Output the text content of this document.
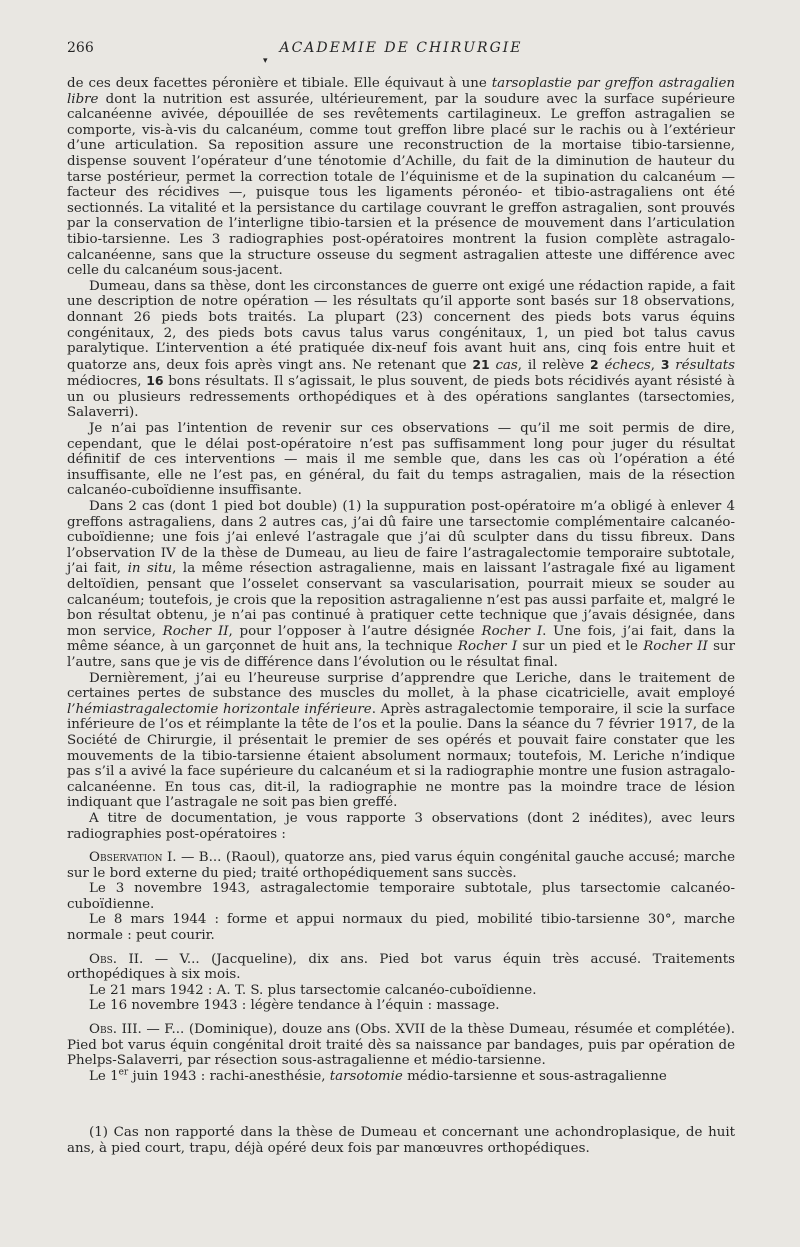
266	ACADEMIE DE CHIRURGIE
▾

de ces deux facettes péronière et tibiale. Elle équivaut à une tarsoplastie par greffon astragalien libre dont la nutrition est assurée, ultérieurement, par la soudure avec la surface supérieure calcanéenne avivée, dépouillée de ses revêtements cartilagineux. Le greffon astragalien se comporte, vis-à-vis du calcanéum, comme tout greffon libre placé sur le rachis ou à l’extérieur d’une articulation. Sa reposition assure une reconstruction de la mortaise tibio-tarsienne, dispense souvent l’opérateur d’une ténotomie d’Achille, du fait de la diminution de hauteur du tarse postérieur, permet la correction totale de l’équinisme et de la supination du calcanéum — facteur des récidives —, puisque tous les ligaments péronéo- et tibio-astragaliens ont été sectionnés. La vitalité et la persistance du cartilage couvrant le greffon astragalien, sont prouvés par la conservation de l’interligne tibio-tarsien et la présence de mouvement dans l’articulation tibio-tarsienne. Les 3 radiographies post-opératoires montrent la fusion complète astragalo-calcanéenne, sans que la structure osseuse du segment astragalien atteste une différence avec celle du calcanéum sous-jacent.

Dumeau, dans sa thèse, dont les circonstances de guerre ont exigé une rédaction rapide, a fait une description de notre opération — les résultats qu’il apporte sont basés sur 18 observations, donnant 26 pieds bots traités. La plupart (23) concernent des pieds bots varus équins congénitaux, 2, des pieds bots cavus talus varus congénitaux, 1, un pied bot talus cavus paralytique. L’intervention a été pratiquée dix-neuf fois avant huit ans, cinq fois entre huit et quatorze ans, deux fois après vingt ans. Ne retenant que 21 cas, il relève 2 échecs, 3 résultats médiocres, 16 bons résultats. Il s’agissait, le plus souvent, de pieds bots récidivés ayant résisté à un ou plusieurs redressements orthopédiques et à des opérations sanglantes (tarsectomies, Salaverri).

Je n’ai pas l’intention de revenir sur ces observations — qu’il me soit permis de dire, cependant, que le délai post-opératoire n’est pas suffisamment long pour juger du résultat définitif de ces interventions — mais il me semble que, dans les cas où l’opération a été insuffisante, elle ne l’est pas, en général, du fait du temps astragalien, mais de la résection calcanéo-cuboïdienne insuffisante.

Dans 2 cas (dont 1 pied bot double) (1) la suppuration post-opératoire m’a obligé à enlever 4 greffons astragaliens, dans 2 autres cas, j’ai dû faire une tarsectomie complémentaire calcanéo-cuboïdienne; une fois j’ai enlevé l’astragale que j’ai dû sculpter dans du tissu fibreux. Dans l’observation IV de la thèse de Dumeau, au lieu de faire l’astragalectomie temporaire subtotale, j’ai fait, in situ, la même résection astragalienne, mais en laissant l’astragale fixé au ligament deltoïdien, pensant que l’osselet conservant sa vascularisation, pourrait mieux se souder au calcanéum; toutefois, je crois que la reposition astragalienne n’est pas aussi parfaite et, malgré le bon résultat obtenu, je n’ai pas continué à pratiquer cette technique que j’avais désignée, dans mon service, Rocher II, pour l’opposer à l’autre désignée Rocher I. Une fois, j’ai fait, dans la même séance, à un garçonnet de huit ans, la technique Rocher I sur un pied et le Rocher II sur l’autre, sans que je vis de différence dans l’évolution ou le résultat final.

Dernièrement, j’ai eu l’heureuse surprise d’apprendre que Leriche, dans le traitement de certaines pertes de substance des muscles du mollet, à la phase cicatricielle, avait employé l’hémiastragalectomie horizontale inférieure. Après astragalectomie temporaire, il scie la surface inférieure de l’os et réimplante la tête de l’os et la poulie. Dans la séance du 7 février 1917, de la Société de Chirurgie, il présentait le premier de ses opérés et pouvait faire constater que les mouvements de la tibio-tarsienne étaient absolument normaux; toutefois, M. Leriche n’indique pas s’il a avivé la face supérieure du calcanéum et si la radiographie montre une fusion astragalo-calcanéenne. En tous cas, dit-il, la radiographie ne montre pas la moindre trace de lésion indiquant que l’astragale ne soit pas bien greffé.

A titre de documentation, je vous rapporte 3 observations (dont 2 inédites), avec leurs radiographies post-opératoires :

Observation I. — B... (Raoul), quatorze ans, pied varus équin congénital gauche accusé; marche sur le bord externe du pied; traité orthopédiquement sans succès.

Le 3 novembre 1943, astragalectomie temporaire subtotale, plus tarsectomie calcanéo-cuboïdienne.

Le 8 mars 1944 : forme et appui normaux du pied, mobilité tibio-tarsienne 30°, marche normale : peut courir.

Obs. II. — V... (Jacqueline), dix ans. Pied bot varus équin très accusé. Traitements orthopédiques à six mois.

Le 21 mars 1942 : A. T. S. plus tarsectomie calcanéo-cuboïdienne.

Le 16 novembre 1943 : légère tendance à l’équin : massage.

Obs. III. — F... (Dominique), douze ans (Obs. XVII de la thèse Dumeau, résumée et complétée). Pied bot varus équin congénital droit traité dès sa naissance par bandages, puis par opération de Phelps-Salaverri, par résection sous-astragalienne et médio-tarsienne.

Le 1er juin 1943 : rachi-anesthésie, tarsotomie médio-tarsienne et sous-astragalienne

(1) Cas non rapporté dans la thèse de Dumeau et concernant une achondroplasique, de huit ans, à pied court, trapu, déjà opéré deux fois par manœuvres orthopédiques.
